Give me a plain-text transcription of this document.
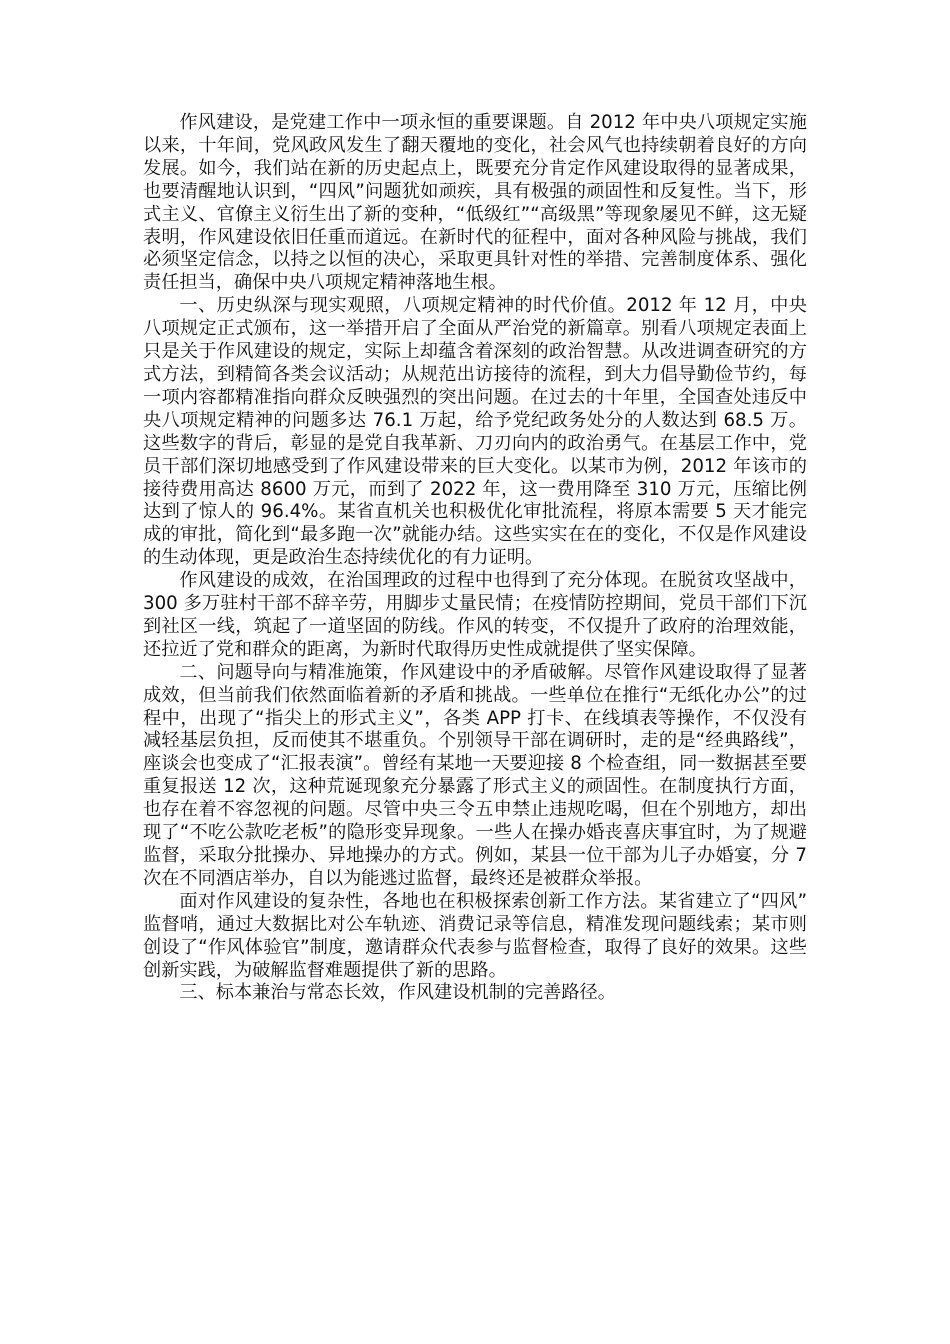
作风建设，是党建工作中一项永恒的重要课题。自 2012 年中央八项规定实施以来，十年间，党风政风发生了翻天覆地的变化，社会风气也持续朝着良好的方向发展。如今，我们站在新的历史起点上，既要充分肯定作风建设取得的显著成果，也要清醒地认识到，“四风”问题犹如顽疾，具有极强的顽固性和反复性。当下，形式主义、官僚主义衍生出了新的变种，“低级红”“高级黑”等现象屡见不鲜，这无疑表明，作风建设依旧任重而道远。在新时代的征程中，面对各种风险与挑战，我们必须坚定信念，以持之以恒的决心，采取更具针对性的举措、完善制度体系、强化责任担当，确保中央八项规定精神落地生根。

一、历史纵深与现实观照，八项规定精神的时代价值。2012 年 12 月，中央八项规定正式颁布，这一举措开启了全面从严治党的新篇章。别看八项规定表面上只是关于作风建设的规定，实际上却蕴含着深刻的政治智慧。从改进调查研究的方式方法，到精简各类会议活动；从规范出访接待的流程，到大力倡导勤俭节约，每一项内容都精准指向群众反映强烈的突出问题。在过去的十年里，全国查处违反中央八项规定精神的问题多达 76.1 万起，给予党纪政务处分的人数达到 68.5 万。这些数字的背后，彰显的是党自我革新、刀刃向内的政治勇气。在基层工作中，党员干部们深切地感受到了作风建设带来的巨大变化。以某市为例，2012 年该市的接待费用高达 8600 万元，而到了 2022 年，这一费用降至 310 万元，压缩比例达到了惊人的 96.4%。某省直机关也积极优化审批流程，将原本需要 5 天才能完成的审批，简化到“最多跑一次”就能办结。这些实实在在的变化，不仅是作风建设的生动体现，更是政治生态持续优化的有力证明。

作风建设的成效，在治国理政的过程中也得到了充分体现。在脱贫攻坚战中，300 多万驻村干部不辞辛劳，用脚步丈量民情；在疫情防控期间，党员干部们下沉到社区一线，筑起了一道坚固的防线。作风的转变，不仅提升了政府的治理效能，还拉近了党和群众的距离，为新时代取得历史性成就提供了坚实保障。

二、问题导向与精准施策，作风建设中的矛盾破解。尽管作风建设取得了显著成效，但当前我们依然面临着新的矛盾和挑战。一些单位在推行“无纸化办公”的过程中，出现了“指尖上的形式主义”，各类 APP 打卡、在线填表等操作，不仅没有减轻基层负担，反而使其不堪重负。个别领导干部在调研时，走的是“经典路线”，座谈会也变成了“汇报表演”。曾经有某地一天要迎接 8 个检查组，同一数据甚至要重复报送 12 次，这种荒诞现象充分暴露了形式主义的顽固性。在制度执行方面，也存在着不容忽视的问题。尽管中央三令五申禁止违规吃喝，但在个别地方，却出现了“不吃公款吃老板”的隐形变异现象。一些人在操办婚丧喜庆事宜时，为了规避监督，采取分批操办、异地操办的方式。例如，某县一位干部为儿子办婚宴，分 7 次在不同酒店举办，自以为能逃过监督，最终还是被群众举报。

面对作风建设的复杂性，各地也在积极探索创新工作方法。某省建立了“四风”监督哨，通过大数据比对公车轨迹、消费记录等信息，精准发现问题线索；某市则创设了“作风体验官”制度，邀请群众代表参与监督检查，取得了良好的效果。这些创新实践，为破解监督难题提供了新的思路。

三、标本兼治与常态长效，作风建设机制的完善路径。
